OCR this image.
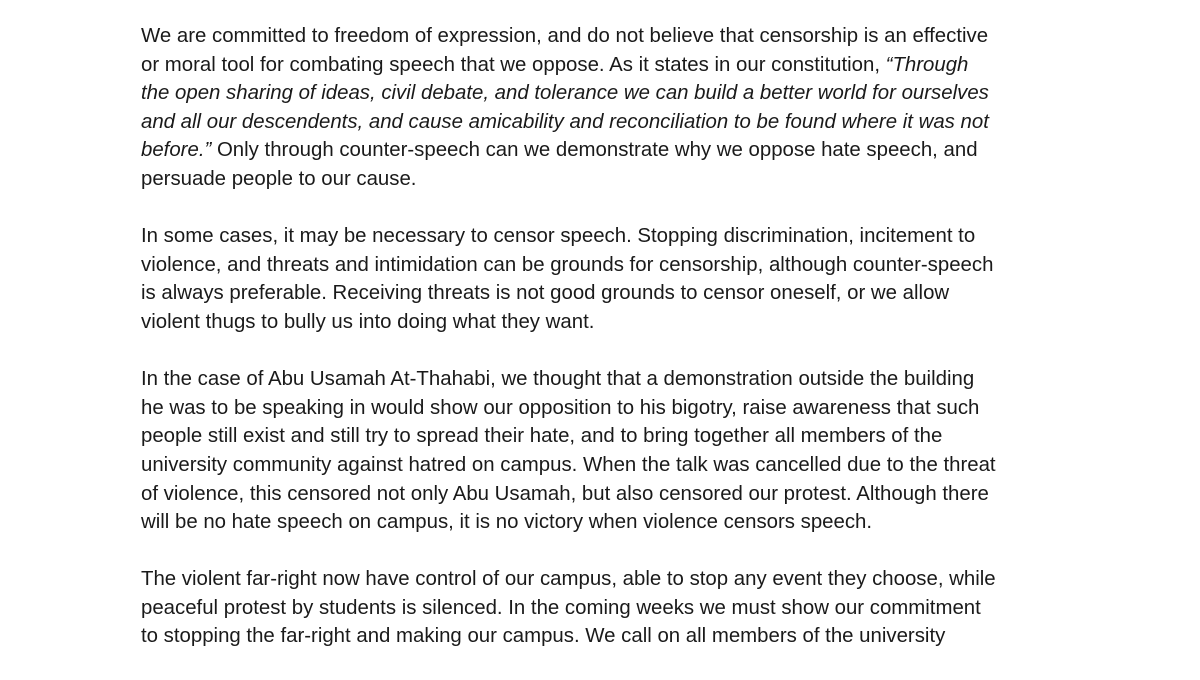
We are committed to freedom of expression, and do not believe that censorship is an effective
or moral tool for combating speech that we oppose. As it states in our constitution, “Through
the open sharing of ideas, civil debate, and tolerance we can build a better world for ourselves
and all our descendents, and cause amicability and reconciliation to be found where it was not
before.” Only through counter-speech can we demonstrate why we oppose hate speech, and
persuade people to our cause.

In some cases, it may be necessary to censor speech. Stopping discrimination, incitement to
violence, and threats and intimidation can be grounds for censorship, although counter-speech
is always preferable. Receiving threats is not good grounds to censor oneself, or we allow
violent thugs to bully us into doing what they want.

In the case of Abu Usamah At-Thahabi, we thought that a demonstration outside the building
he was to be speaking in would show our opposition to his bigotry, raise awareness that such
people still exist and still try to spread their hate, and to bring together all members of the
university community against hatred on campus. When the talk was cancelled due to the threat
of violence, this censored not only Abu Usamah, but also censored our protest. Although there
will be no hate speech on campus, it is no victory when violence censors speech.

The violent far-right now have control of our campus, able to stop any event they choose, while
peaceful protest by students is silenced. In the coming weeks we must show our commitment
to stopping the far-right and making our campus. We call on all members of the university
